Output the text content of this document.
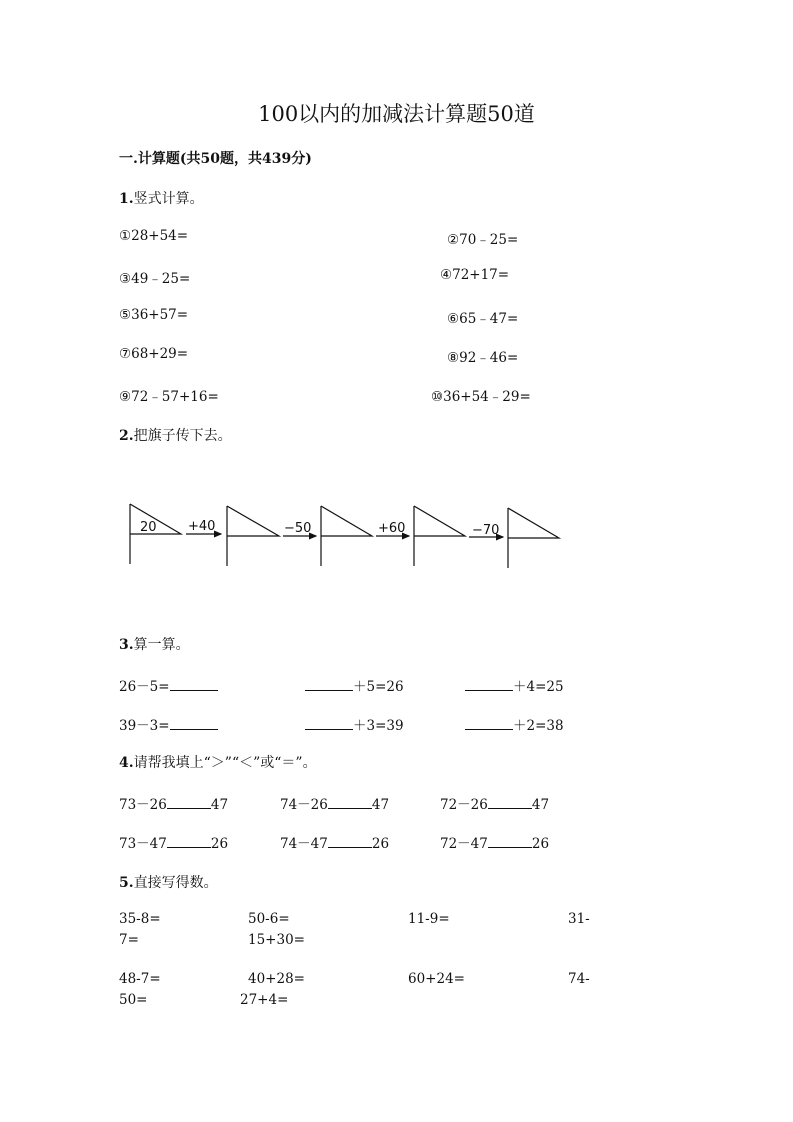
100以内的加减法计算题50道
一.计算题(共50题，共439分)
1.竖式计算。
①28+54=	②70﹣25=
③49﹣25=	④72+17=
⑤36+57=	⑥65﹣47=
⑦68+29=	⑧92﹣46=
⑨72﹣57+16=	⑩36+54﹣29=
2.把旗子传下去。
20 +40	−50	+60	−70
3.算一算。
26－5=	＋5=26	＋4=25
39－3=	＋3=39	＋2=38
4.请帮我填上“＞”“＜”或“＝”。
73－26	47	74－26	47	72－26	47
73－47	26	74－47	26	72－47	26
5.直接写得数。
35-8=	50-6=	11-9=	31-
7=	15+30=
48-7=	40+28=	60+24=	74-
50=	27+4=
